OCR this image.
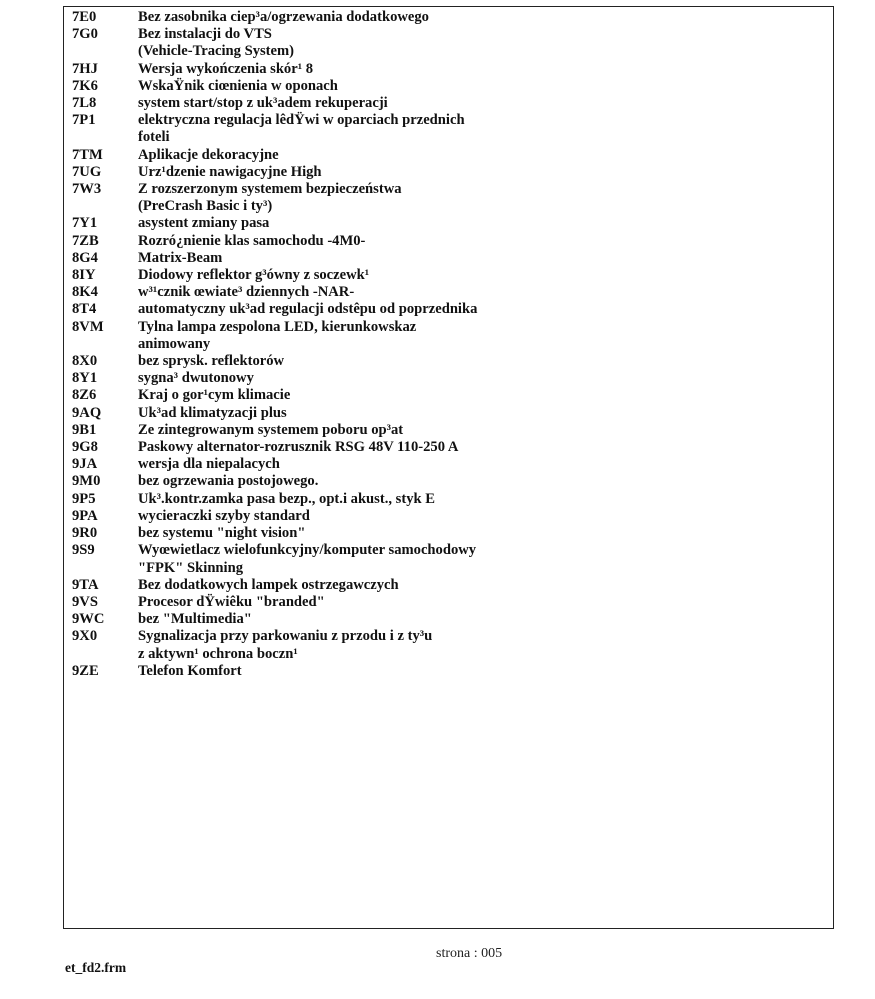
7E0	Bez zasobnika ciep³a/ogrzewania dodatkowego
7G0	Bez instalacji do VTS
(Vehicle-Tracing System)
7HJ	Wersja wykończenia skór¹ 8
7K6	WskaŸnik ciœnienia w oponach
7L8	system start/stop z uk³adem rekuperacji
7P1	elektryczna regulacja lêdŸwi w oparciach przednich
foteli
7TM	Aplikacje dekoracyjne
7UG	Urz¹dzenie nawigacyjne High
7W3	Z rozszerzonym systemem bezpieczeństwa
(PreCrash Basic i ty³)
7Y1	asystent zmiany pasa
7ZB	Rozró¿nienie klas samochodu -4M0-
8G4	Matrix-Beam
8IY	Diodowy reflektor g³ówny z soczewk¹
8K4	w³¹cznik œwiate³ dziennych -NAR-
8T4	automatyczny uk³ad regulacji odstêpu od poprzednika
8VM	Tylna lampa zespolona LED, kierunkowskaz
animowany
8X0	bez sprysk. reflektorów
8Y1	sygna³ dwutonowy
8Z6	Kraj o gor¹cym klimacie
9AQ	Uk³ad klimatyzacji plus
9B1	Ze zintegrowanym systemem poboru op³at
9G8	Paskowy alternator-rozrusznik RSG 48V 110-250 A
9JA	wersja dla niepalacych
9M0	bez ogrzewania postojowego.
9P5	Uk³.kontr.zamka pasa bezp., opt.i akust., styk E
9PA	wycieraczki szyby standard
9R0	bez systemu "night vision"
9S9	Wyœwietlacz wielofunkcyjny/komputer samochodowy
"FPK" Skinning
9TA	Bez dodatkowych lampek ostrzegawczych
9VS	Procesor dŸwiêku "branded"
9WC	bez "Multimedia"
9X0	Sygnalizacja przy parkowaniu z przodu i z ty³u
z aktywn¹ ochrona boczn¹
9ZE	Telefon Komfort
strona : 005
et_fd2.frm
